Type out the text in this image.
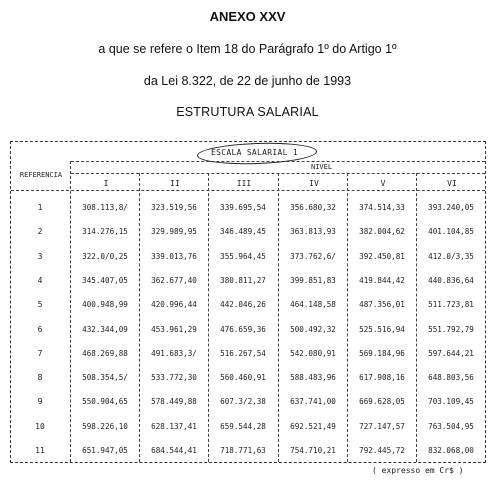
ANEXO XXV
a que se refere o Item 18 do Parágrafo 1º do Artigo 1º
da Lei 8.322, de 22 de junho de 1993
ESTRUTURA SALARIAL
ESCALA SALARIAL 1
NIVEL
REFERENCIA
I	II	III	IV	V	VI
1	308.113,8/	323.519,56	339.695,54	356.680,32	374.514,33	393.240,05
2	314.276,15	329.989,95	346.489,45	363.813,93	382.004,62	401.104,85
3	322.0/0,25	339.013,76	355.964,45	373.762,6/	392.450,81	412.0/3,35
4	345.407,05	362.677,40	380.811,27	399.851,83	419.844,42	440.836,64
5	400.948,99	420.996,44	442.046,26	464.148,58	487.356,01	511.723,81
6	432.344,09	453.961,29	476.659,36	500.492,32	525.516,94	551.792,79
7	468.269,88	491.683,3/	516.267,54	542.080,91	569.184,96	597.644,21
8	508.354,5/	533.772,30	560.460,91	588.483,96	617.908,16	648.803,56
9	550.904,65	578.449,88	607.3/2,38	637.741,00	669.628,05	703.109,45
10	598.226,10	628.137,41	659.544,28	692.521,49	727.147,57	763.504,95
11	651.947,05	684.544,41	718.771,63	754.710,21	792.445,72	832.068,00
( expresso em Cr$ )
